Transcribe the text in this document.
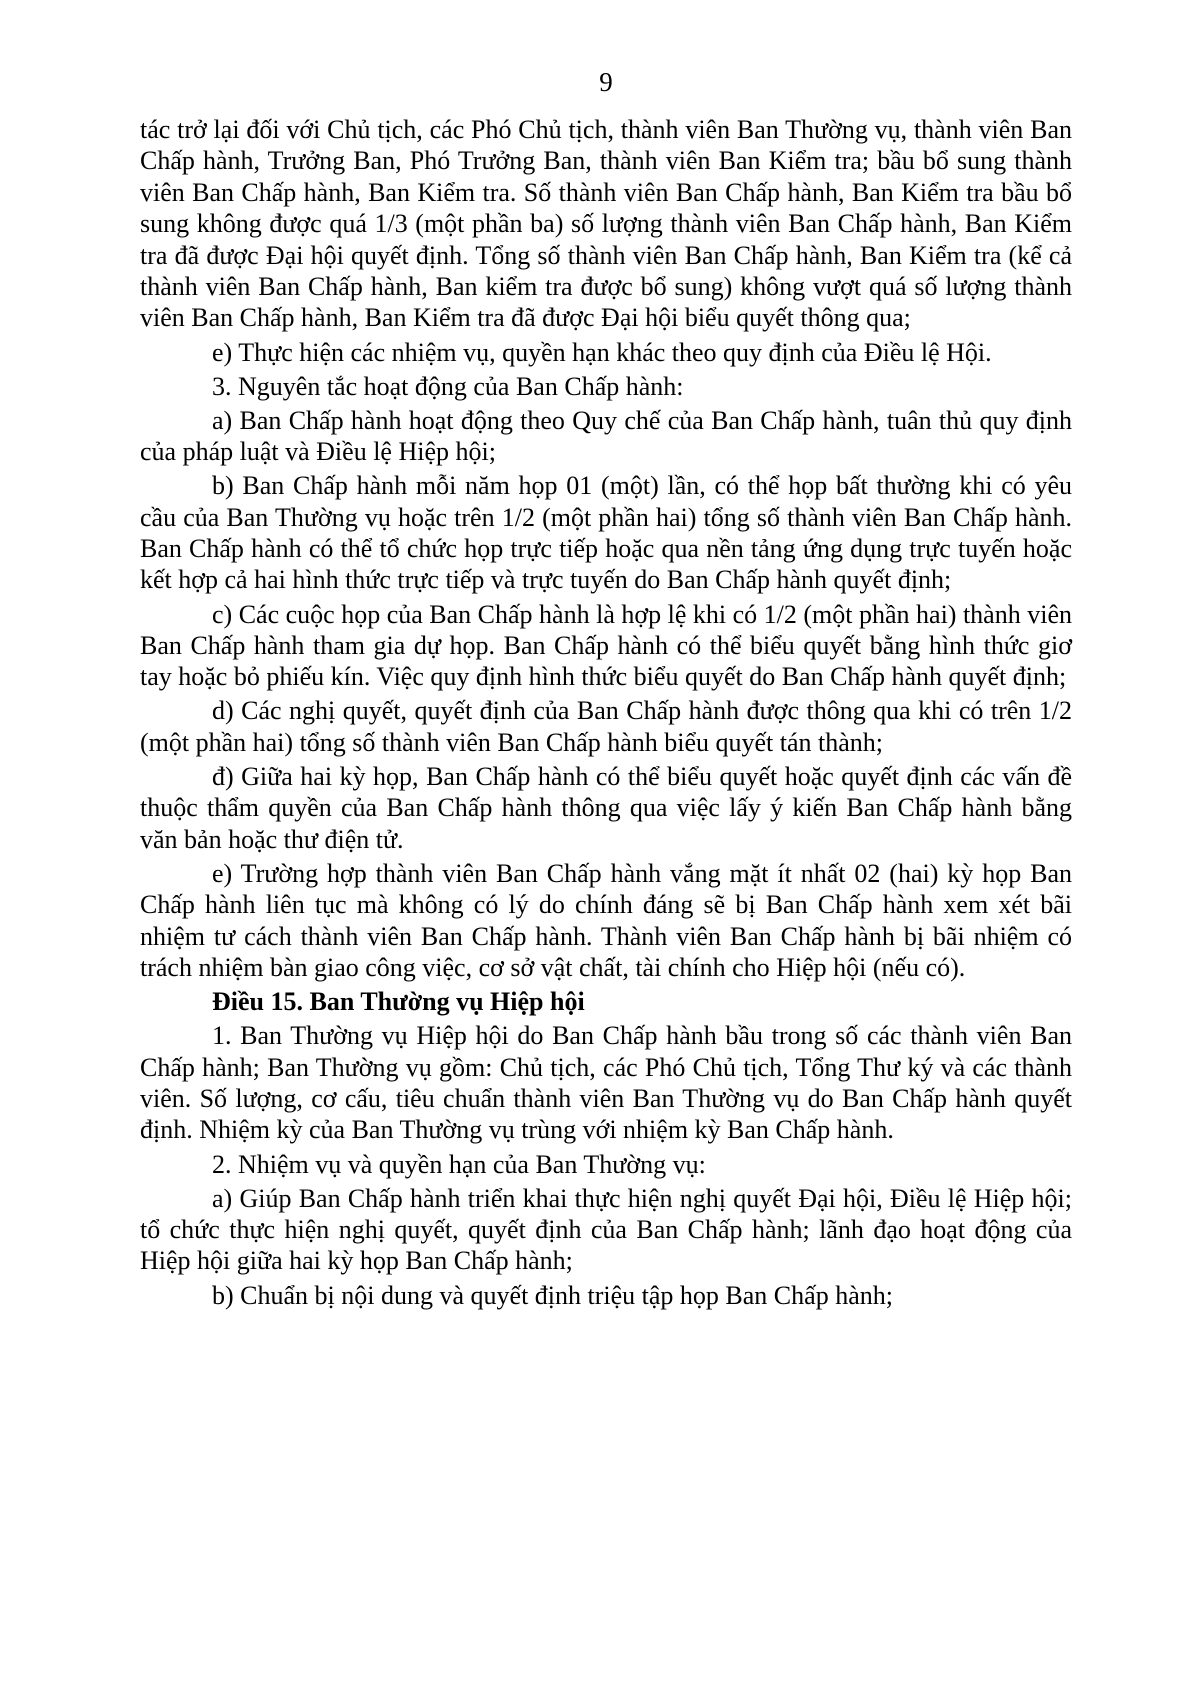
9

tác trở lại đối với Chủ tịch, các Phó Chủ tịch, thành viên Ban Thường vụ, thành viên Ban Chấp hành, Trưởng Ban, Phó Trưởng Ban, thành viên Ban Kiểm tra; bầu bổ sung thành viên Ban Chấp hành, Ban Kiểm tra. Số thành viên Ban Chấp hành, Ban Kiểm tra bầu bổ sung không được quá 1/3 (một phần ba) số lượng thành viên Ban Chấp hành, Ban Kiểm tra đã được Đại hội quyết định. Tổng số thành viên Ban Chấp hành, Ban Kiểm tra (kể cả thành viên Ban Chấp hành, Ban kiểm tra được bổ sung) không vượt quá số lượng thành viên Ban Chấp hành, Ban Kiểm tra đã được Đại hội biểu quyết thông qua;

e) Thực hiện các nhiệm vụ, quyền hạn khác theo quy định của Điều lệ Hội.

3. Nguyên tắc hoạt động của Ban Chấp hành:

a) Ban Chấp hành hoạt động theo Quy chế của Ban Chấp hành, tuân thủ quy định của pháp luật và Điều lệ Hiệp hội;

b) Ban Chấp hành mỗi năm họp 01 (một) lần, có thể họp bất thường khi có yêu cầu của Ban Thường vụ hoặc trên 1/2 (một phần hai) tổng số thành viên Ban Chấp hành. Ban Chấp hành có thể tổ chức họp trực tiếp hoặc qua nền tảng ứng dụng trực tuyến hoặc kết hợp cả hai hình thức trực tiếp và trực tuyến do Ban Chấp hành quyết định;

c) Các cuộc họp của Ban Chấp hành là hợp lệ khi có 1/2 (một phần hai) thành viên Ban Chấp hành tham gia dự họp. Ban Chấp hành có thể biểu quyết bằng hình thức giơ tay hoặc bỏ phiếu kín. Việc quy định hình thức biểu quyết do Ban Chấp hành quyết định;

d) Các nghị quyết, quyết định của Ban Chấp hành được thông qua khi có trên 1/2 (một phần hai) tổng số thành viên Ban Chấp hành biểu quyết tán thành;

đ) Giữa hai kỳ họp, Ban Chấp hành có thể biểu quyết hoặc quyết định các vấn đề thuộc thẩm quyền của Ban Chấp hành thông qua việc lấy ý kiến Ban Chấp hành bằng văn bản hoặc thư điện tử.

e) Trường hợp thành viên Ban Chấp hành vắng mặt ít nhất 02 (hai) kỳ họp Ban Chấp hành liên tục mà không có lý do chính đáng sẽ bị Ban Chấp hành xem xét bãi nhiệm tư cách thành viên Ban Chấp hành. Thành viên Ban Chấp hành bị bãi nhiệm có trách nhiệm bàn giao công việc, cơ sở vật chất, tài chính cho Hiệp hội (nếu có).

Điều 15. Ban Thường vụ Hiệp hội

1. Ban Thường vụ Hiệp hội do Ban Chấp hành bầu trong số các thành viên Ban Chấp hành; Ban Thường vụ gồm: Chủ tịch, các Phó Chủ tịch, Tổng Thư ký và các thành viên. Số lượng, cơ cấu, tiêu chuẩn thành viên Ban Thường vụ do Ban Chấp hành quyết định. Nhiệm kỳ của Ban Thường vụ trùng với nhiệm kỳ Ban Chấp hành.

2. Nhiệm vụ và quyền hạn của Ban Thường vụ:

a) Giúp Ban Chấp hành triển khai thực hiện nghị quyết Đại hội, Điều lệ Hiệp hội; tổ chức thực hiện nghị quyết, quyết định của Ban Chấp hành; lãnh đạo hoạt động của Hiệp hội giữa hai kỳ họp Ban Chấp hành;

b) Chuẩn bị nội dung và quyết định triệu tập họp Ban Chấp hành;
